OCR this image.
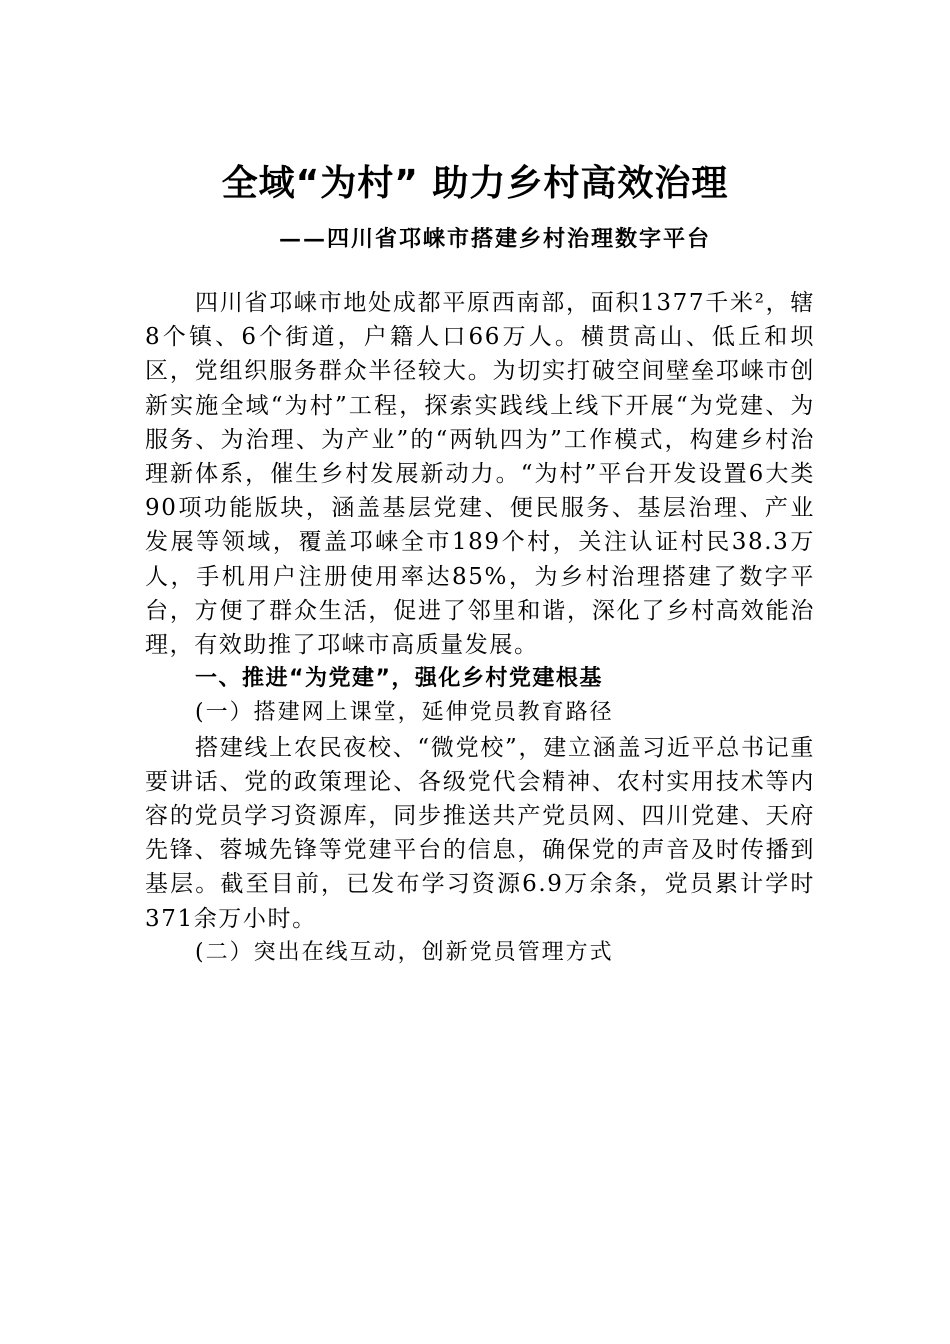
全域“为村” 助力乡村高效治理
——四川省邛崃市搭建乡村治理数字平台

四川省邛崃市地处成都平原西南部，面积1377千米²，辖8个镇、6个街道，户籍人口66万人。横贯高山、低丘和坝区，党组织服务群众半径较大。为切实打破空间壁垒邛崃市创新实施全域“为村”工程，探索实践线上线下开展“为党建、为服务、为治理、为产业”的“两轨四为”工作模式，构建乡村治理新体系，催生乡村发展新动力。“为村”平台开发设置6大类90项功能版块，涵盖基层党建、便民服务、基层治理、产业发展等领域，覆盖邛崃全市189个村，关注认证村民38.3万人，手机用户注册使用率达85%，为乡村治理搭建了数字平台，方便了群众生活，促进了邻里和谐，深化了乡村高效能治理，有效助推了邛崃市高质量发展。

一、推进“为党建”，强化乡村党建根基

(一）搭建网上课堂，延伸党员教育路径

搭建线上农民夜校、“微党校”，建立涵盖习近平总书记重要讲话、党的政策理论、各级党代会精神、农村实用技术等内容的党员学习资源库，同步推送共产党员网、四川党建、天府先锋、蓉城先锋等党建平台的信息，确保党的声音及时传播到基层。截至目前，已发布学习资源6.9万余条，党员累计学时371余万小时。

(二）突出在线互动，创新党员管理方式
